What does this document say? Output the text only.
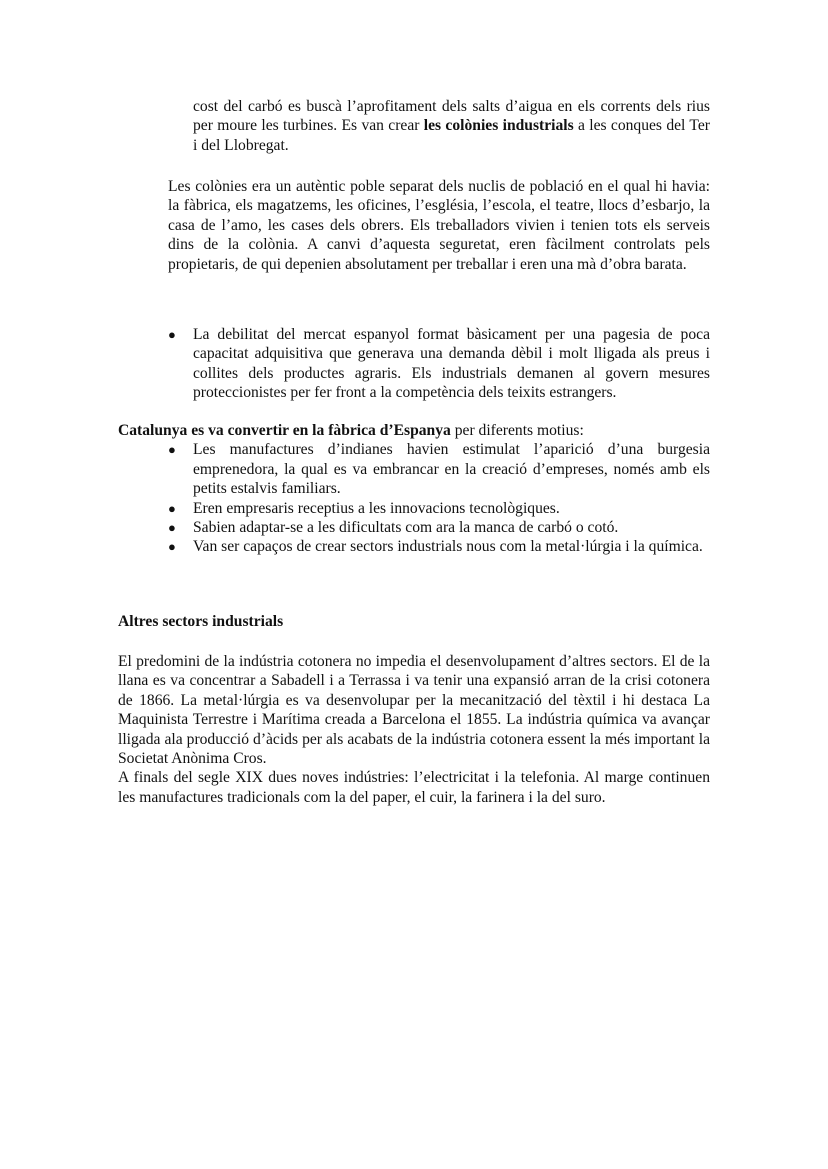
cost del carbó es buscà l’aprofitament dels salts d’aigua en els corrents dels rius per moure les turbines. Es van crear les colònies industrials a les conques del Ter i del Llobregat.

Les colònies era un autèntic poble separat dels nuclis de població en el qual hi havia: la fàbrica, els magatzems, les oficines, l’església, l’escola, el teatre, llocs d’esbarjo, la casa de l’amo, les cases dels obrers. Els treballadors vivien i tenien tots els serveis dins de la colònia. A canvi d’aquesta seguretat, eren fàcilment controlats pels propietaris, de qui depenien absolutament per treballar i eren una mà d’obra barata.

●	La debilitat del mercat espanyol format bàsicament per una pagesia de poca capacitat adquisitiva que generava una demanda dèbil i molt lligada als preus i collites dels productes agraris. Els industrials demanen al govern mesures proteccionistes per fer front a la competència dels teixits estrangers.

Catalunya es va convertir en la fàbrica d’Espanya per diferents motius:

●	Les manufactures d’indianes havien estimulat l’aparició d’una burgesia emprenedora, la qual es va embrancar en la creació d’empreses, només amb els petits estalvis familiars.
●	Eren empresaris receptius a les innovacions tecnològiques.
●	Sabien adaptar-se a les dificultats com ara la manca de carbó o cotó.
●	Van ser capaços de crear sectors industrials nous com la metal·lúrgia i la química.

Altres sectors industrials

El predomini de la indústria cotonera no impedia el desenvolupament d’altres sectors. El de la llana es va concentrar a Sabadell i a Terrassa i va tenir una expansió arran de la crisi cotonera de 1866. La metal·lúrgia es va desenvolupar per la mecanització del tèxtil i hi destaca La Maquinista Terrestre i Marítima creada a Barcelona el 1855. La indústria química va avançar lligada ala producció d’àcids per als acabats de la indústria cotonera essent la més important la Societat Anònima Cros.

A finals del segle XIX dues noves indústries: l’electricitat i la telefonia. Al marge continuen les manufactures tradicionals com la del paper, el cuir, la farinera i la del suro.
